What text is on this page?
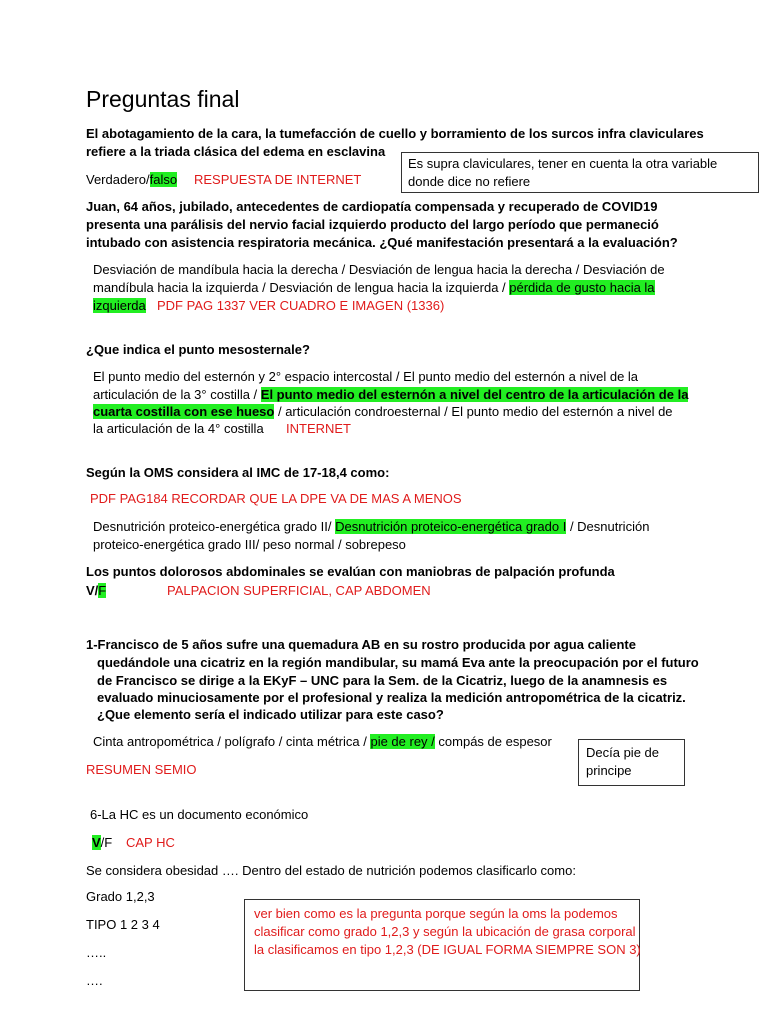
Preguntas final
El abotagamiento de la cara, la tumefacción de cuello y borramiento de los surcos infra claviculares
refiere a la triada clásica del edema en esclavina
Verdadero/falso RESPUESTA DE INTERNET
Es supra claviculares, tener en cuenta la otra variable
donde dice no refiere
Juan, 64 años, jubilado, antecedentes de cardiopatía compensada y recuperado de COVID19
presenta una parálisis del nervio facial izquierdo producto del largo período que permaneció
intubado con asistencia respiratoria mecánica. ¿Qué manifestación presentará a la evaluación?
Desviación de mandíbula hacia la derecha / Desviación de lengua hacia la derecha / Desviación de
mandíbula hacia la izquierda / Desviación de lengua hacia la izquierda / pérdida de gusto hacia la
izquierda PDF PAG 1337 VER CUADRO E IMAGEN (1336)
¿Que indica el punto mesosternale?
El punto medio del esternón y 2° espacio intercostal / El punto medio del esternón a nivel de la
articulación de la 3° costilla / El punto medio del esternón a nivel del centro de la articulación de la
cuarta costilla con ese hueso / articulación condroesternal / El punto medio del esternón a nivel de
la articulación de la 4° costilla INTERNET
Según la OMS considera al IMC de 17-18,4 como:
PDF PAG184 RECORDAR QUE LA DPE VA DE MAS A MENOS
Desnutrición proteico-energética grado II/ Desnutrición proteico-energética grado I / Desnutrición
proteico-energética grado III/ peso normal / sobrepeso
Los puntos dolorosos abdominales se evalúan con maniobras de palpación profunda
V/F	PALPACION SUPERFICIAL, CAP ABDOMEN
1-Francisco de 5 años sufre una quemadura AB en su rostro producida por agua caliente
quedándole una cicatriz en la región mandibular, su mamá Eva ante la preocupación por el futuro
de Francisco se dirige a la EKyF – UNC para la Sem. de la Cicatriz, luego de la anamnesis es
evaluado minuciosamente por el profesional y realiza la medición antropométrica de la cicatriz.
¿Que elemento sería el indicado utilizar para este caso?
Cinta antropométrica / polígrafo / cinta métrica / pie de rey / compás de espesor
RESUMEN SEMIO
Decía pie de
principe
6-La HC es un documento económico
V/F CAP HC
Se considera obesidad …. Dentro del estado de nutrición podemos clasificarlo como:
Grado 1,2,3
TIPO 1 2 3 4
…..
….
ver bien como es la pregunta porque según la oms la podemos
clasificar como grado 1,2,3 y según la ubicación de grasa corporal
la clasificamos en tipo 1,2,3 (DE IGUAL FORMA SIEMPRE SON 3)
